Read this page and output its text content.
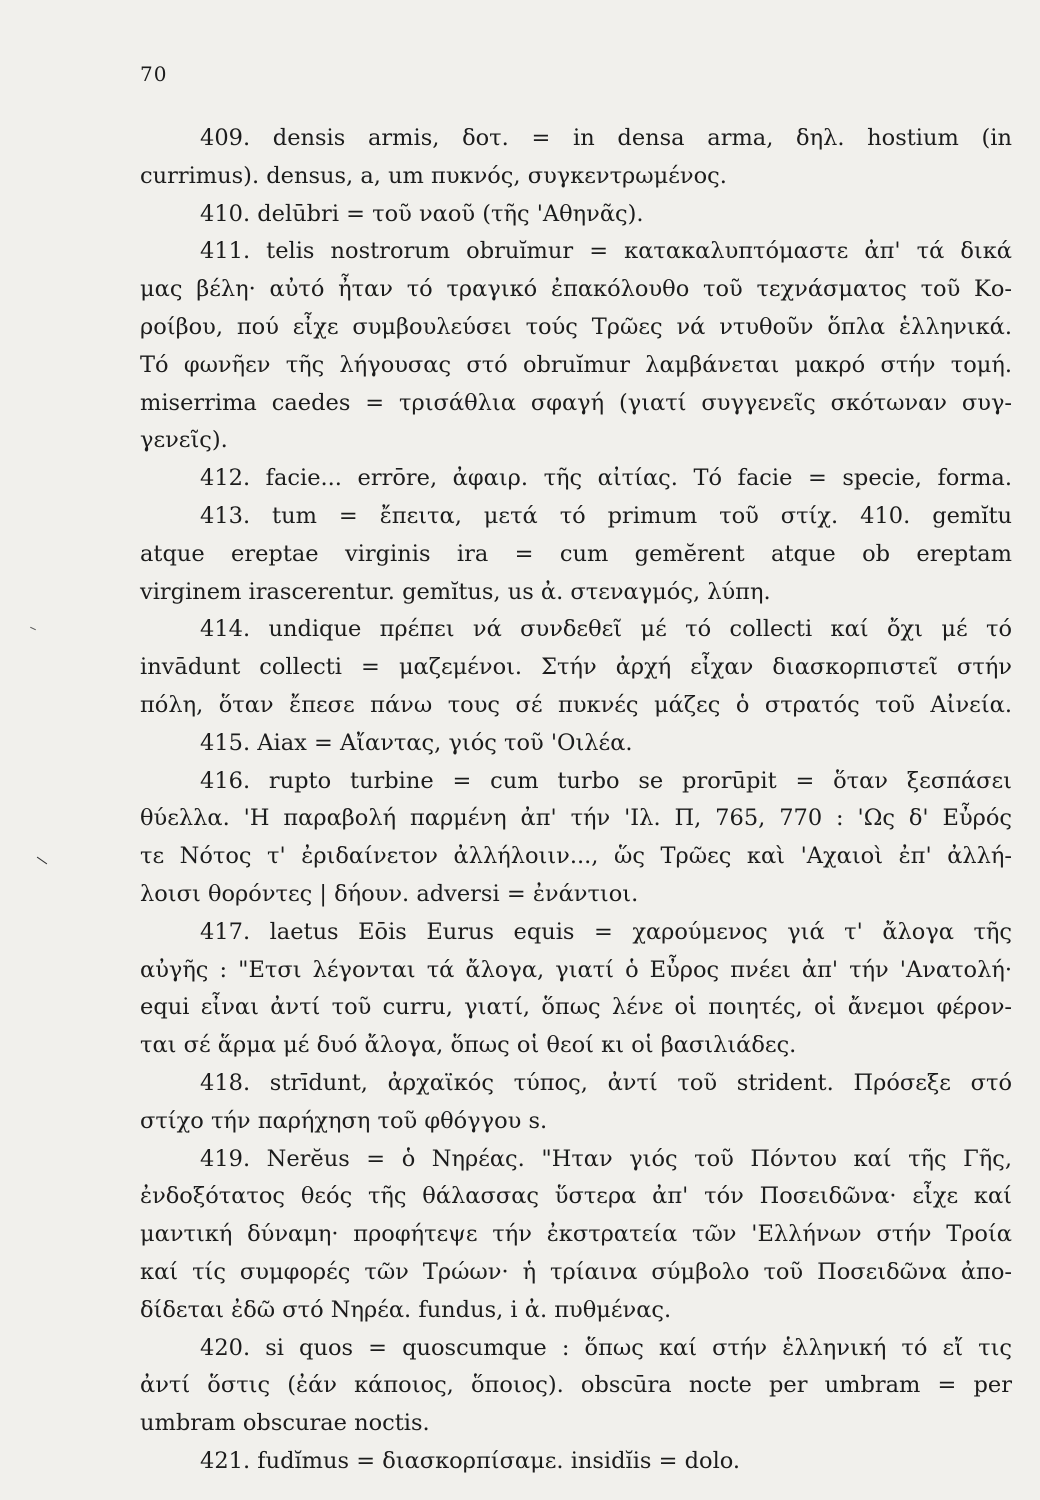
70
409. densis armis, δοτ. = in densa arma, δηλ. hostium (in
currimus). densus, a, um πυκνός, συγκεντρωμένος.
410. delūbri = τοῦ ναοῦ (τῆς 'Αθηνᾶς).
411. telis nostrorum obruĭmur = κατακαλυπτόμαστε ἀπ' τά δικά
μας βέλη· αὐτό ἦταν τό τραγικό ἐπακόλουθο τοῦ τεχνάσματος τοῦ Κο-
ροίβου, πού εἶχε συμβουλεύσει τούς Τρῶες νά ντυθοῦν ὅπλα ἑλληνικά.
Τό φωνῆεν τῆς λήγουσας στό obruĭmur λαμβάνεται μακρό στήν τομή.
miserrima caedes = τρισάθλια σφαγή (γιατί συγγενεῖς σκότωναν συγ-
γενεῖς).
412. facie... errōre, ἀφαιρ. τῆς αἰτίας. Τό facie = specie, forma.
413. tum = ἔπειτα, μετά τό primum τοῦ στίχ. 410. gemĭtu
atque ereptae virginis ira = cum gemĕrent atque ob ereptam
virginem irascerentur. gemĭtus, us ἀ. στεναγμός, λύπη.
414. undique πρέπει νά συνδεθεῖ μέ τό collecti καί ὄχι μέ τό
invādunt collecti = μαζεμένοι. Στήν ἀρχή εἶχαν διασκορπιστεῖ στήν
πόλη, ὅταν ἔπεσε πάνω τους σέ πυκνές μάζες ὁ στρατός τοῦ Αἰνεία.
415. Aiax = Αἴαντας, γιός τοῦ 'Οιλέα.
416. rupto turbine = cum turbo se prorūpit = ὅταν ξεσπάσει
θύελλα. 'Η παραβολή παρμένη ἀπ' τήν 'Ιλ. Π, 765, 770 : 'Ως δ' Εὖρός
τε Νότος τ' ἐριδαίνετον ἀλλήλοιιν..., ὥς Τρῶες καὶ 'Αχαιοὶ ἐπ' ἀλλή-
λοισι θορόντες | δήουν. adversi = ἐνάντιοι.
417. laetus Eōis Eurus equis = χαρούμενος γιά τ' ἄλογα τῆς
αὐγῆς : "Ετσι λέγονται τά ἄλογα, γιατί ὁ Εὖρος πνέει ἀπ' τήν 'Ανατολή·
equi εἶναι ἀντί τοῦ curru, γιατί, ὅπως λένε οἱ ποιητές, οἱ ἄνεμοι φέρον-
ται σέ ἅρμα μέ δυό ἄλογα, ὅπως οἱ θεοί κι οἱ βασιλιάδες.
418. strīdunt, ἀρχαϊκός τύπος, ἀντί τοῦ strident. Πρόσεξε στό
στίχο τήν παρήχηση τοῦ φθόγγου s.
419. Nerĕus = ὁ Νηρέας. "Ηταν γιός τοῦ Πόντου καί τῆς Γῆς,
ἐνδοξότατος θεός τῆς θάλασσας ὕστερα ἀπ' τόν Ποσειδῶνα· εἶχε καί
μαντική δύναμη· προφήτεψε τήν ἐκστρατεία τῶν 'Ελλήνων στήν Τροία
καί τίς συμφορές τῶν Τρώων· ἡ τρίαινα σύμβολο τοῦ Ποσειδῶνα ἀπο-
δίδεται ἐδῶ στό Νηρέα. fundus, i ἀ. πυθμένας.
420. si quos = quoscumque : ὅπως καί στήν ἑλληνική τό εἴ τις
ἀντί ὅστις (ἐάν κάποιος, ὅποιος). obscūra nocte per umbram = per
umbram obscurae noctis.
421. fudĭmus = διασκορπίσαμε. insidĭis = dolo.
